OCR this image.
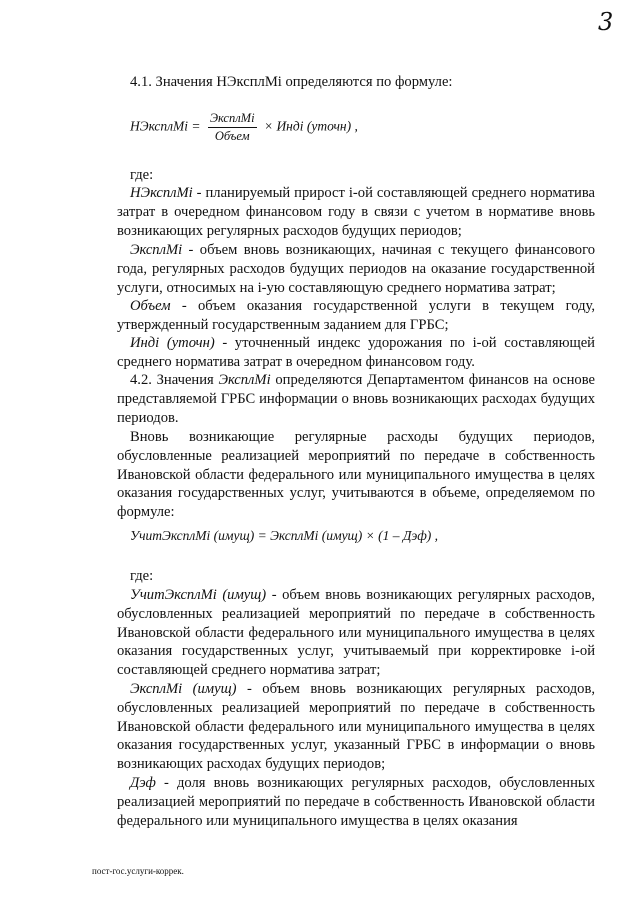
3

4.1. Значения НЭксплМi определяются по формуле:

НЭксплМi = $\frac{\text{ЭксплМi}}{\text{Объем}}$ × Индi (уточн) ,

где:

НЭксплМi - планируемый прирост i-ой составляющей среднего норматива затрат в очередном финансовом году в связи с учетом в нормативе вновь возникающих регулярных расходов будущих периодов;

ЭксплМi - объем вновь возникающих, начиная с текущего финансового года, регулярных расходов будущих периодов на оказание государственной услуги, относимых на i-ую составляющую среднего норматива затрат;

Объем - объем оказания государственной услуги в текущем году, утвержденный государственным заданием для ГРБС;

Индi (уточн) - уточненный индекс удорожания по i-ой составляющей среднего норматива затрат в очередном финансовом году.

4.2. Значения ЭксплМi определяются Департаментом финансов на основе представляемой ГРБС информации о вновь возникающих расходах будущих периодов.

Вновь возникающие регулярные расходы будущих периодов, обусловленные реализацией мероприятий по передаче в собственность Ивановской области федерального или муниципального имущества в целях оказания государственных услуг, учитываются в объеме, определяемом по формуле:

УчитЭксплМi (имущ) = ЭксплМi (имущ) × (1 – Дэф) ,

где:

УчитЭксплМi (имущ) - объем вновь возникающих регулярных расходов, обусловленных реализацией мероприятий по передаче в собственность Ивановской области федерального или муниципального имущества в целях оказания государственных услуг, учитываемый при корректировке i-ой составляющей среднего норматива затрат;

ЭксплМi (имущ) - объем вновь возникающих регулярных расходов, обусловленных реализацией мероприятий по передаче в собственность Ивановской области федерального или муниципального имущества в целях оказания государственных услуг, указанный ГРБС в информации о вновь возникающих расходах будущих периодов;

Дэф - доля вновь возникающих регулярных расходов, обусловленных реализацией мероприятий по передаче в собственность Ивановской области федерального или муниципального имущества в целях оказания

пост-гос.услуги-коррек.
